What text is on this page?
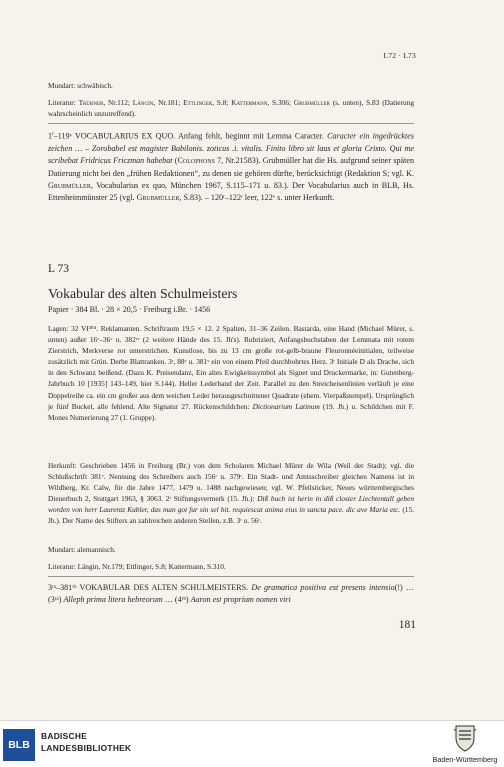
L72 · L73
Mundart: schwäbisch.
Literatur: Trübner, Nr.112; Längin, Nr.181; Ettlinger, S.8; Kattermann, S.306; Grubmüller (s. unten), S.83 (Datierung wahrscheinlich unzutreffend).
1$^r$–119ᵛ VOCABULARIUS EX QUO. Anfang fehlt, beginnt mit Lemma Caracter. Caracter ein ingedrücktes zeichen … – Zorobabel est magister Babilonis. zoticus .i. vitalis. Finito libro sit laus et gloria Cristo. Qui me scribebat Fridricus Friczman habebat (Colophons 7, Nr.21583). Grubmüller hat die Hs. aufgrund seiner späten Datierung nicht bei den „frühen Redaktionen“, zu denen sie gehören dürfte, berücksichtigt (Redaktion S; vgl. K. Grubmüller, Vocabularius ex quo, München 1967, S.115–171 u. 83.). Der Vocabularius auch in BLB, Hs. Ettenheimmünster 25 (vgl. Grubmüller, S.83). – 120ʳ–122ʳ leer, 122ᵛ s. unter Herkunft.
L 73
Vokabular des alten Schulmeisters
Papier · 384 Bl. · 28 × 20,5 · Freiburg i.Br. · 1456
Lagen: 32 VI³⁸⁴. Reklamanten. Schriftraum 19,5 × 12. 2 Spalten, 31–36 Zeilen. Bastarda, eine Hand (Michael Mürer, s. unten) außer 16ᵛ–36ᵛ u. 382ʳᵛ (2 weitere Hände des 15. Jh's). Rubriziert, Anfangsbuchstaben der Lemmata mit rotem Zierstrich, Merkverse rot unterstrichen. Kunstlose, bis zu 13 cm große rot-gelb-braune Fleuronnéeinitialen, teilweise zusätzlich mit Grün. Derbe Blattranken. 3ʳ, 88ᵛ u. 381ᵛ ein von einem Pfeil durchbohrtes Herz. 3ʳ Initiale D als Drache, sich in den Schwanz beißend. (Dazu K. Preisendanz, Ein altes Ewigkeitssymbol als Signet und Druckermarke, in: Gutenberg-Jahrbuch 10 [1935] 143–149, hier S.144). Heller Lederband der Zeit. Parallel zu den Streicheisenlinien verläuft je eine Doppelreihe ca. ein cm großer aus dem weichen Leder herausgeschnittener Quadrate (ehem. Vierpaßstempel). Ursprünglich je fünf Buckel, alle fehlend. Alte Signatur 27. Rückenschildchen: Dictionarium Latinum (19. Jh.) u. Schildchen mit F. Mones Numerierung 27 (1. Gruppe).
Herkunft: Geschrieben 1456 in Freiburg (Br.) von dem Scholaren Michael Mürer de Wila (Weil der Stadt); vgl. die Schlußschrift 381ᵛ. Nennung des Schreibers auch 156ʳ u. 379ʳ. Ein Stadt- und Amtsschreiber gleichen Namens ist in Wildberg, Kr. Calw, für die Jahre 1477, 1479 u. 1488 nachgewiesen; vgl. W. Pfeilsticker, Neues württembergisches Dienerbuch 2, Stuttgart 1963, § 3063. 2ʳ Stiftungsvermerk (15. Jh.): Diß buch ist herin in diß closter Liechtentall geben worden von herr Laurentz Kubler, das man got fur sin sel bit. requiescat anima eius in sancta pace. dic ave Maria etc. (15. Jh.). Der Name des Stifters an zahlreichen anderen Stellen, z.B. 3ʳ u. 56ʳ.
Mundart: alemannisch.
Literatur: Längin, Nr.179; Ettlinger, S.8; Kattermann, S.310.
3ʳᵃ–381ʳᵇ VOKABULAR DES ALTEN SCHULMEISTERS. De gramatica positiva est presens intensio(!) … (3ʳᵃ) Alleph prima litera hebreorum … (4ʳᵇ) Aaron est proprium nomen viri
181
BLB
BADISCHE
LANDESBIBLIOTHEK
Baden-Württemberg
